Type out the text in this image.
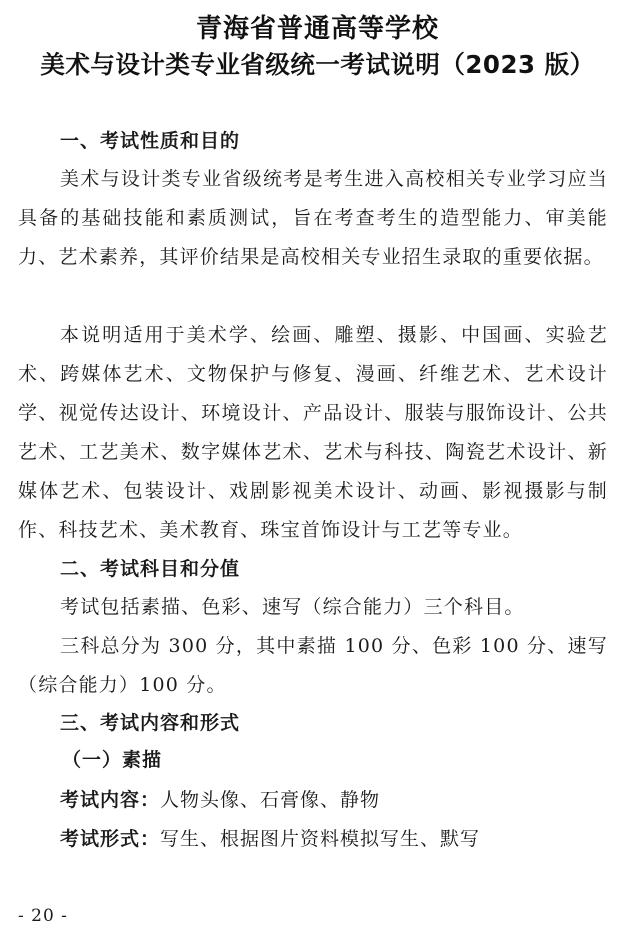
青海省普通高等学校
美术与设计类专业省级统一考试说明（2023 版）
一、考试性质和目的
美术与设计类专业省级统考是考生进入高校相关专业学习应当具备的基础技能和素质测试，旨在考查考生的造型能力、审美能力、艺术素养，其评价结果是高校相关专业招生录取的重要依据。
本说明适用于美术学、绘画、雕塑、摄影、中国画、实验艺术、跨媒体艺术、文物保护与修复、漫画、纤维艺术、艺术设计学、视觉传达设计、环境设计、产品设计、服装与服饰设计、公共艺术、工艺美术、数字媒体艺术、艺术与科技、陶瓷艺术设计、新媒体艺术、包装设计、戏剧影视美术设计、动画、影视摄影与制作、科技艺术、美术教育、珠宝首饰设计与工艺等专业。
二、考试科目和分值
考试包括素描、色彩、速写（综合能力）三个科目。
三科总分为 300 分，其中素描 100 分、色彩 100 分、速写（综合能力）100 分。
三、考试内容和形式
（一）素描
考试内容：人物头像、石膏像、静物
考试形式：写生、根据图片资料模拟写生、默写
- 20 -
